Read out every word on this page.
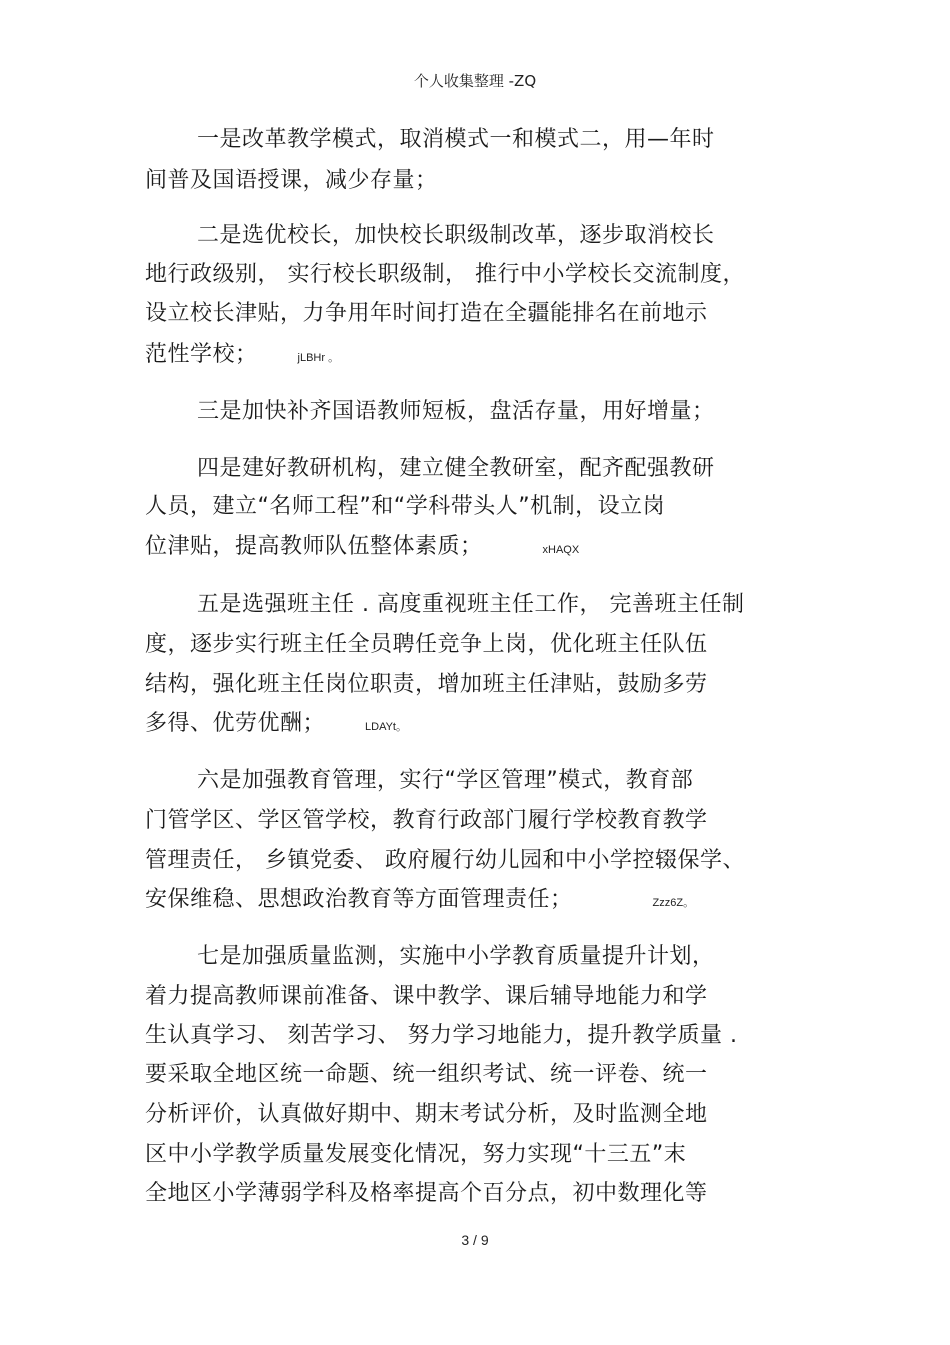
个人收集整理 -ZQ
一是改革教学模式，取消模式一和模式二，用—年时
间普及国语授课，减少存量；
二是选优校长，加快校长职级制改革，逐步取消校长
地行政级别， 实行校长职级制， 推行中小学校长交流制度，
设立校长津贴，力争用年时间打造在全疆能排名在前地示
范性学校；	jLBHr 。
三是加快补齐国语教师短板，盘活存量，用好增量；
四是建好教研机构，建立健全教研室，配齐配强教研
人员，建立“名师工程”和“学科带头人”机制，设立岗
位津贴，提高教师队伍整体素质；	xHAQX
五是选强班主任 . 高度重视班主任工作， 完善班主任制
度，逐步实行班主任全员聘任竞争上岗，优化班主任队伍
结构，强化班主任岗位职责，增加班主任津贴，鼓励多劳
多得、优劳优酬；	LDAYt。
六是加强教育管理，实行“学区管理”模式，教育部
门管学区、学区管学校，教育行政部门履行学校教育教学
管理责任， 乡镇党委、 政府履行幼儿园和中小学控辍保学、
安保维稳、思想政治教育等方面管理责任；	Zzz6Z。
七是加强质量监测，实施中小学教育质量提升计划，
着力提高教师课前准备、课中教学、课后辅导地能力和学
生认真学习、 刻苦学习、 努力学习地能力，提升教学质量 .
要采取全地区统一命题、统一组织考试、统一评卷、统一
分析评价，认真做好期中、期末考试分析，及时监测全地
区中小学教学质量发展变化情况，努力实现“十三五”末
全地区小学薄弱学科及格率提高个百分点，初中数理化等
3 / 9
